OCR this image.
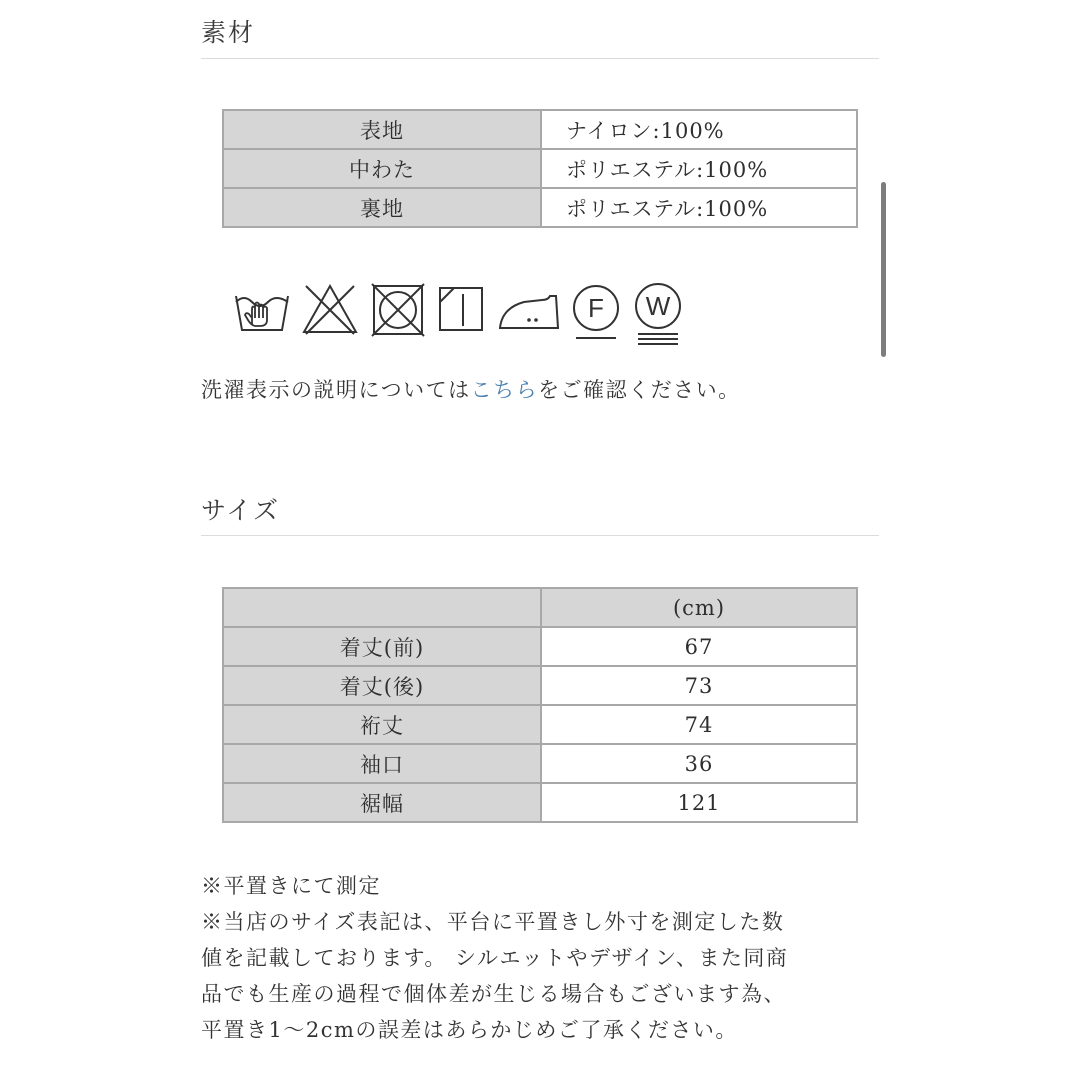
素材
表地	ナイロン:100%
中わた	ポリエステル:100%
裏地	ポリエステル:100%
F W
洗濯表示の説明についてはこちらをご確認ください。
サイズ
	(cm)
着丈(前)	67
着丈(後)	73
裄丈	74
袖口	36
裾幅	121

※平置きにて測定

※当店のサイズ表記は、平台に平置きし外寸を測定した数

値を記載しております。 シルエットやデザイン、また同商

品でも生産の過程で個体差が生じる場合もございます為、

平置き1〜2cmの誤差はあらかじめご了承ください。
